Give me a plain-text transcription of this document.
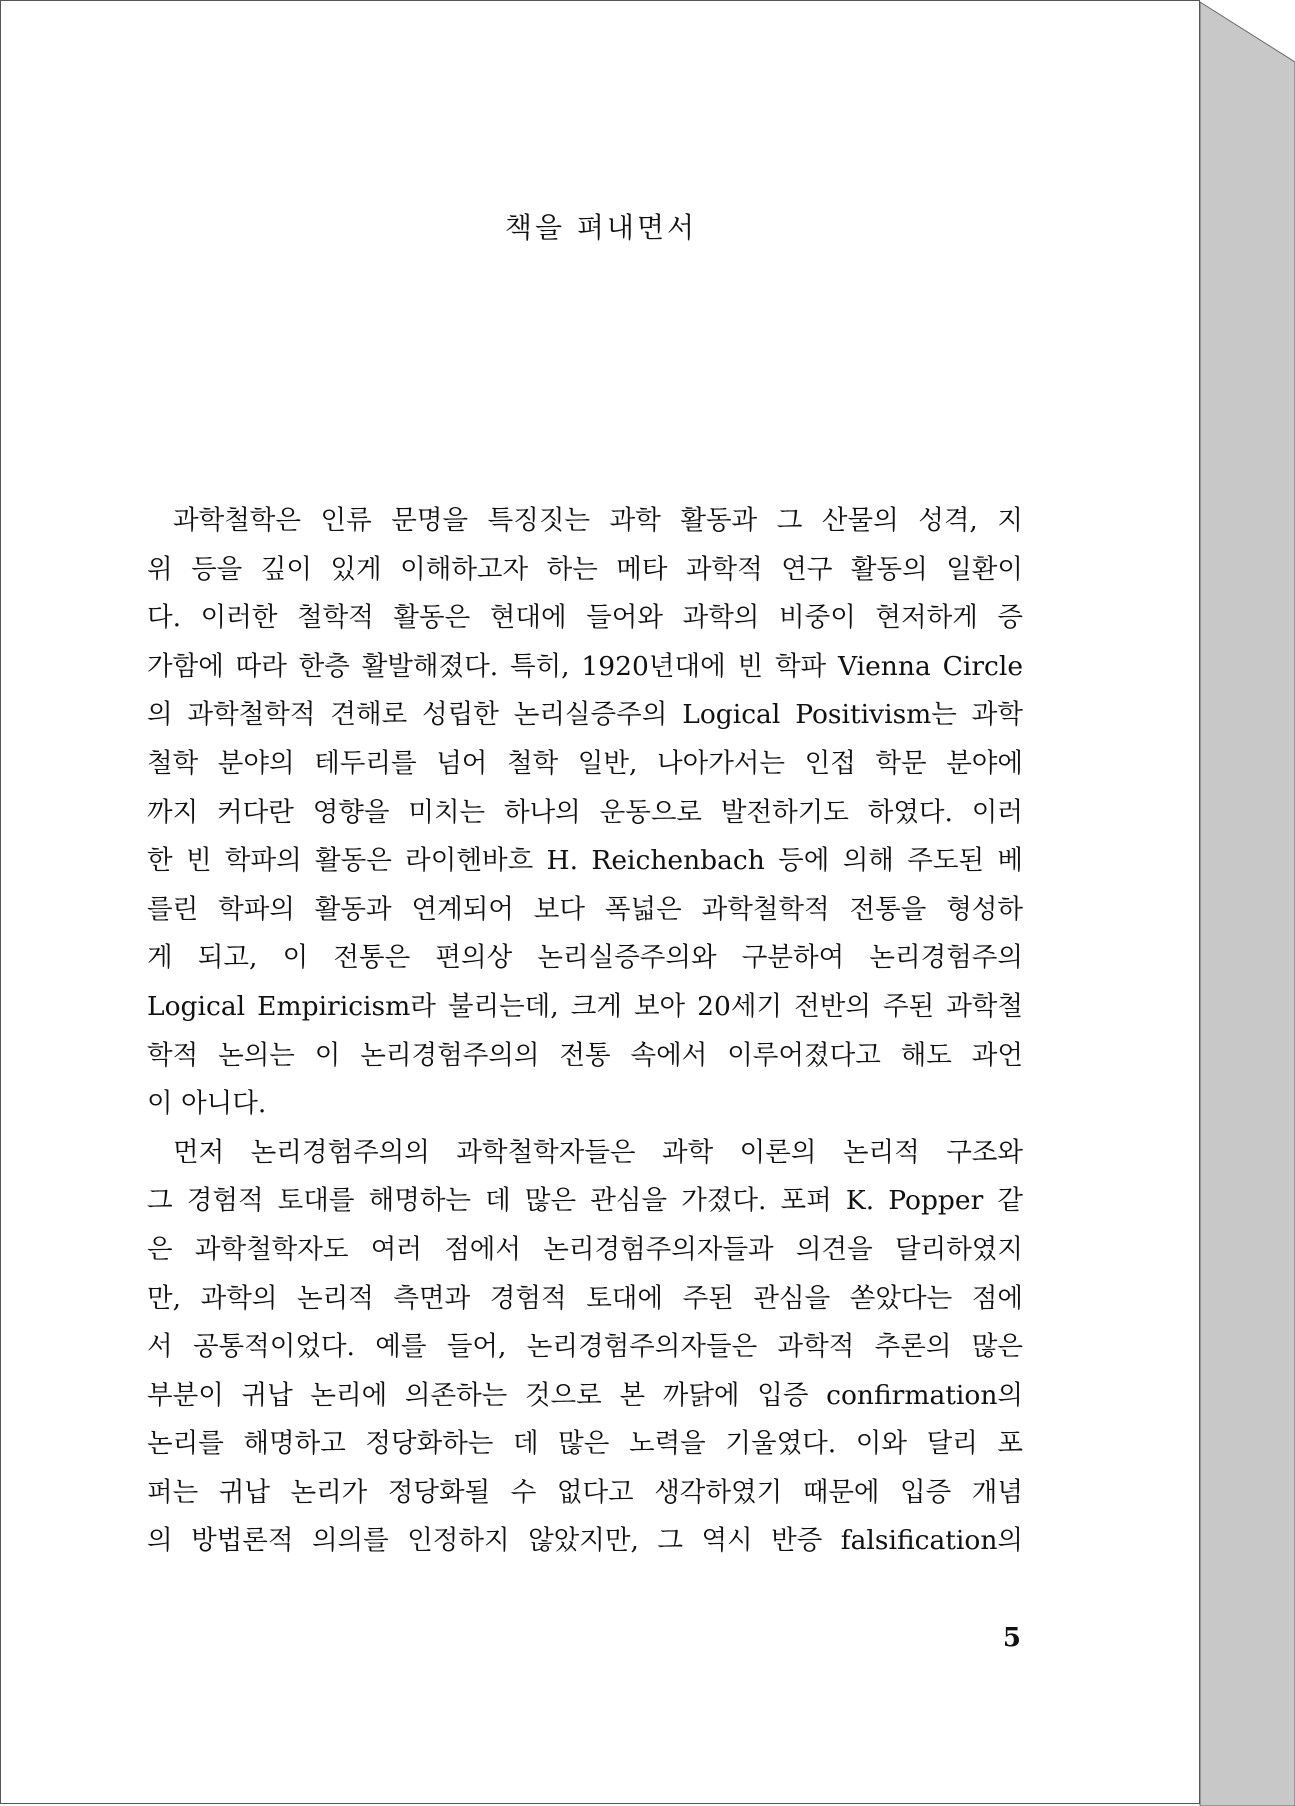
책을 펴내면서
과학철학은 인류 문명을 특징짓는 과학 활동과 그 산물의 성격, 지
위 등을 깊이 있게 이해하고자 하는 메타 과학적 연구 활동의 일환이
다. 이러한 철학적 활동은 현대에 들어와 과학의 비중이 현저하게 증
가함에 따라 한층 활발해졌다. 특히, 1920년대에 빈 학파 Vienna Circle
의 과학철학적 견해로 성립한 논리실증주의 Logical Positivism는 과학
철학 분야의 테두리를 넘어 철학 일반, 나아가서는 인접 학문 분야에
까지 커다란 영향을 미치는 하나의 운동으로 발전하기도 하였다. 이러
한 빈 학파의 활동은 라이헨바흐 H. Reichenbach 등에 의해 주도된 베
를린 학파의 활동과 연계되어 보다 폭넓은 과학철학적 전통을 형성하
게 되고, 이 전통은 편의상 논리실증주의와 구분하여 논리경험주의
Logical Empiricism라 불리는데, 크게 보아 20세기 전반의 주된 과학철
학적 논의는 이 논리경험주의의 전통 속에서 이루어졌다고 해도 과언
이 아니다.
먼저 논리경험주의의 과학철학자들은 과학 이론의 논리적 구조와
그 경험적 토대를 해명하는 데 많은 관심을 가졌다. 포퍼 K. Popper 같
은 과학철학자도 여러 점에서 논리경험주의자들과 의견을 달리하였지
만, 과학의 논리적 측면과 경험적 토대에 주된 관심을 쏟았다는 점에
서 공통적이었다. 예를 들어, 논리경험주의자들은 과학적 추론의 많은
부분이 귀납 논리에 의존하는 것으로 본 까닭에 입증 confirmation의
논리를 해명하고 정당화하는 데 많은 노력을 기울였다. 이와 달리 포
퍼는 귀납 논리가 정당화될 수 없다고 생각하였기 때문에 입증 개념
의 방법론적 의의를 인정하지 않았지만, 그 역시 반증 falsification의
5
